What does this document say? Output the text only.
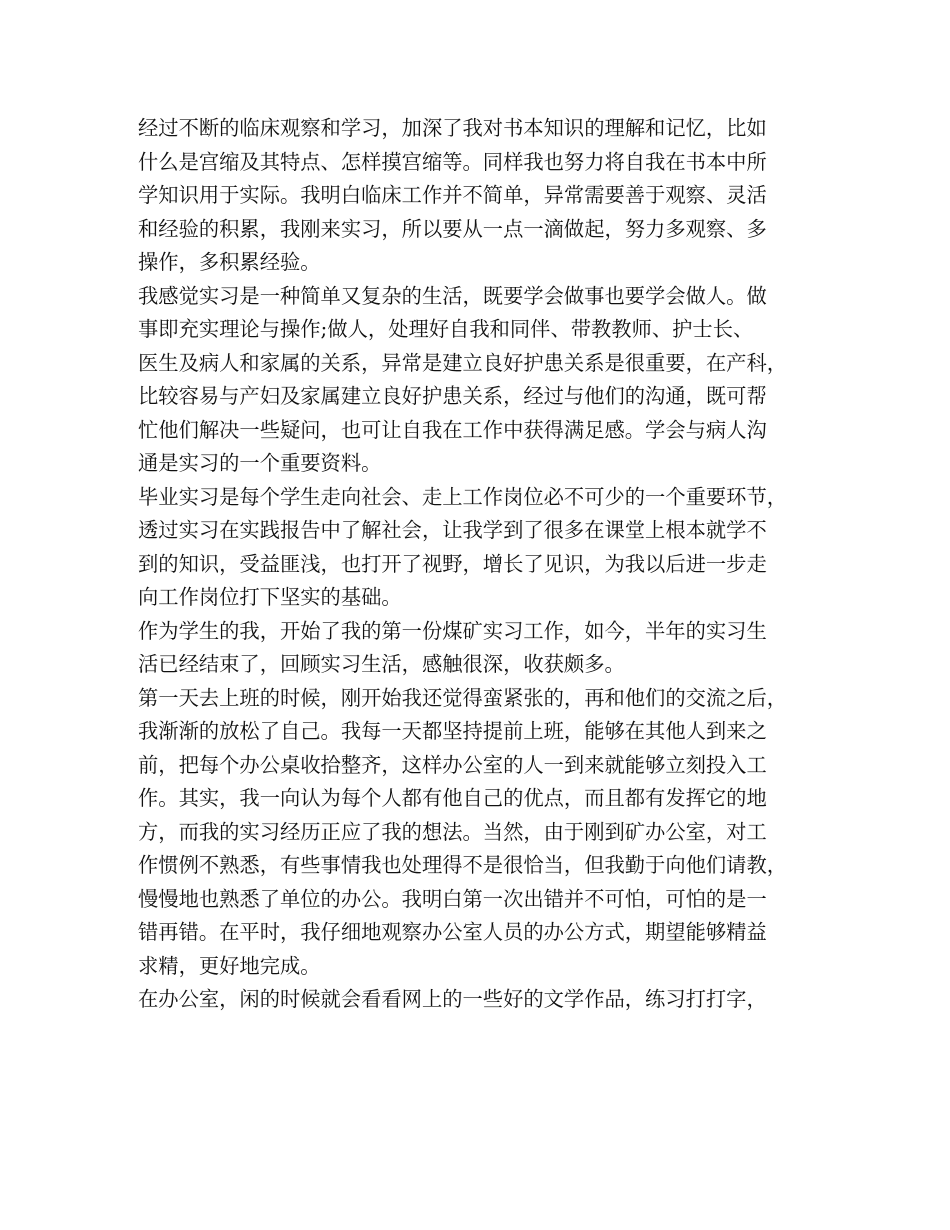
经过不断的临床观察和学习，加深了我对书本知识的理解和记忆，比如
什么是宫缩及其特点、怎样摸宫缩等。同样我也努力将自我在书本中所
学知识用于实际。我明白临床工作并不简单，异常需要善于观察、灵活
和经验的积累，我刚来实习，所以要从一点一滴做起，努力多观察、多
操作，多积累经验。
我感觉实习是一种简单又复杂的生活，既要学会做事也要学会做人。做
事即充实理论与操作;做人，处理好自我和同伴、带教教师、护士长、
医生及病人和家属的关系，异常是建立良好护患关系是很重要，在产科，
比较容易与产妇及家属建立良好护患关系，经过与他们的沟通，既可帮
忙他们解决一些疑问，也可让自我在工作中获得满足感。学会与病人沟
通是实习的一个重要资料。
毕业实习是每个学生走向社会、走上工作岗位必不可少的一个重要环节，
透过实习在实践报告中了解社会，让我学到了很多在课堂上根本就学不
到的知识，受益匪浅，也打开了视野，增长了见识，为我以后进一步走
向工作岗位打下坚实的基础。
作为学生的我，开始了我的第一份煤矿实习工作，如今，半年的实习生
活已经结束了，回顾实习生活，感触很深，收获颇多。
第一天去上班的时候，刚开始我还觉得蛮紧张的，再和他们的交流之后，
我渐渐的放松了自己。我每一天都坚持提前上班，能够在其他人到来之
前，把每个办公桌收拾整齐，这样办公室的人一到来就能够立刻投入工
作。其实，我一向认为每个人都有他自己的优点，而且都有发挥它的地
方，而我的实习经历正应了我的想法。当然，由于刚到矿办公室，对工
作惯例不熟悉，有些事情我也处理得不是很恰当，但我勤于向他们请教，
慢慢地也熟悉了单位的办公。我明白第一次出错并不可怕，可怕的是一
错再错。在平时，我仔细地观察办公室人员的办公方式，期望能够精益
求精，更好地完成。
在办公室，闲的时候就会看看网上的一些好的文学作品，练习打打字，
